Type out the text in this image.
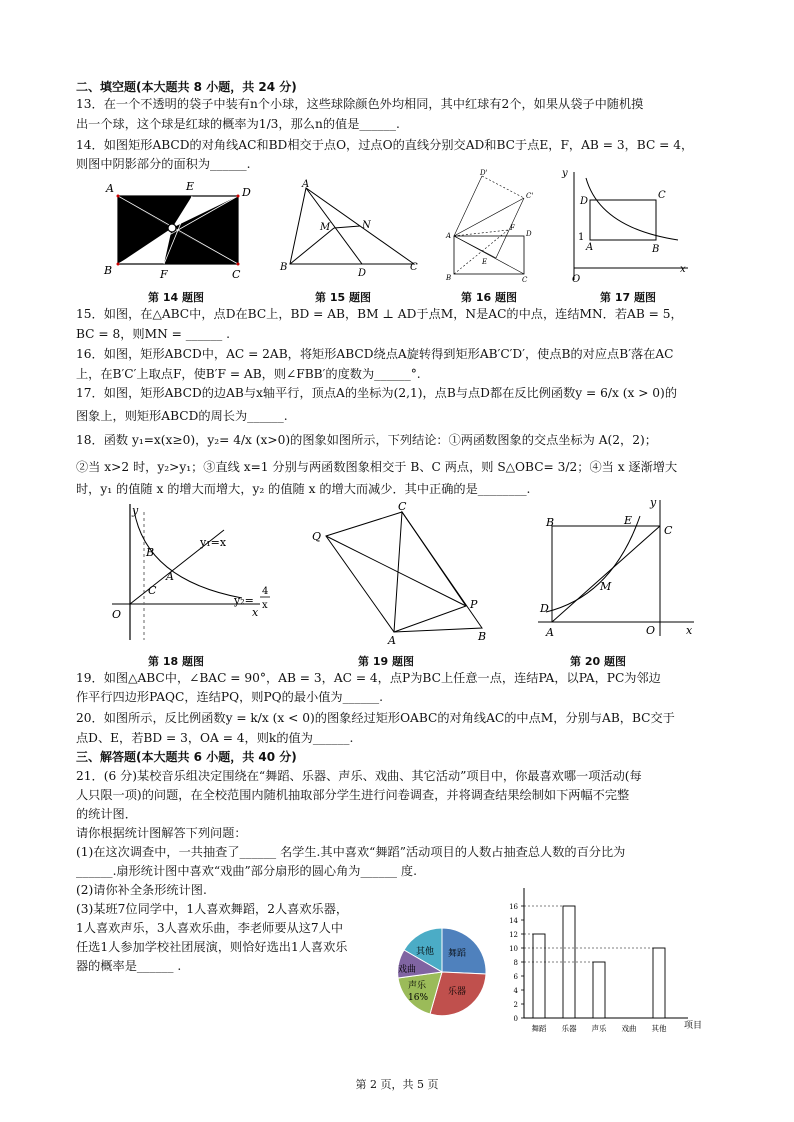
二、填空题(本大题共 8 小题，共 24 分)
13．在一个不透明的袋子中装有n个小球，这些球除颜色外均相同，其中红球有2个，如果从袋子中随机摸
出一个球，这个球是红球的概率为1/3，那么n的值是______.
14．如图矩形ABCD的对角线AC和BD相交于点O，过点O的直线分别交AD和BC于点E，F，AB = 3，BC = 4，
则图中阴影部分的面积为______.
A	E	D
B	F	C
A
M	N
B
D
C
D'
C'
A
F
D
E
B	C
y
D
C
1
A	B
O
x
第 14 题图	第 15 题图	第 16 题图	第 17 题图
15．如图，在△ABC中，点D在BC上，BD = AB，BM ⊥ AD于点M，N是AC的中点，连结MN．若AB = 5，
BC = 8，则MN = ______ .
16．如图，矩形ABCD中，AC = 2AB，将矩形ABCD绕点A旋转得到矩形AB′C′D′，使点B的对应点B′落在AC
上，在B′C′上取点F，使B′F = AB，则∠FBB′的度数为______°.
17．如图，矩形ABCD的边AB与x轴平行，顶点A的坐标为(2,1)，点B与点D都在反比例函数y = 6/x (x > 0)的
图象上，则矩形ABCD的周长为______.
18．函数 y₁=x(x≥0)，y₂= 4/x (x>0)的图象如图所示，下列结论：①两函数图象的交点坐标为 A(2，2)；
②当 x>2 时，y₂>y₁；③直线 x=1 分别与两函数图象相交于 B、C 两点，则 S△OBC= 3/2；④当 x 逐渐增大
时，y₁ 的值随 x 的增大而增大，y₂ 的值随 x 的增大而减少．其中正确的是________.
y
B
A
C
O	x
y₁=x
y₂=
4
x
C
Q
P
A	B
y
B	E
C
M
D
A	O	x
第 18 题图	第 19 题图	第 20 题图
19．如图△ABC中，∠BAC = 90°，AB = 3，AC = 4，点P为BC上任意一点，连结PA，以PA，PC为邻边
作平行四边形PAQC，连结PQ，则PQ的最小值为______.
20．如图所示，反比例函数y = k/x (x < 0)的图象经过矩形OABC的对角线AC的中点M，分别与AB，BC交于
点D、E，若BD = 3，OA = 4，则k的值为______.
三、解答题(本大题共 6 小题，共 40 分)
21．(6 分)某校音乐组决定围绕在“舞蹈、乐器、声乐、戏曲、其它活动”项目中，你最喜欢哪一项活动(每
人只限一项)的问题，在全校范围内随机抽取部分学生进行问卷调查，并将调查结果绘制如下两幅不完整
的统计图．
请你根据统计图解答下列问题：
(1)在这次调查中，一共抽查了______ 名学生.其中喜欢“舞蹈”活动项目的人数占抽查总人数的百分比为
______.扇形统计图中喜欢“戏曲”部分扇形的圆心角为______ 度.
(2)请你补全条形统计图.
(3)某班7位同学中，1人喜欢舞蹈，2人喜欢乐器，
1人喜欢声乐，3人喜欢乐曲，李老师要从这7人中
任选1人参加学校社团展演，则恰好选出1人喜欢乐
器的概率是______ .
其他 舞蹈
乐器
声乐
16%
戏曲
0
2
4
6
8
10
12
14
16
舞蹈 乐器 声乐 戏曲 其他 项目
第 2 页，共 5 页
